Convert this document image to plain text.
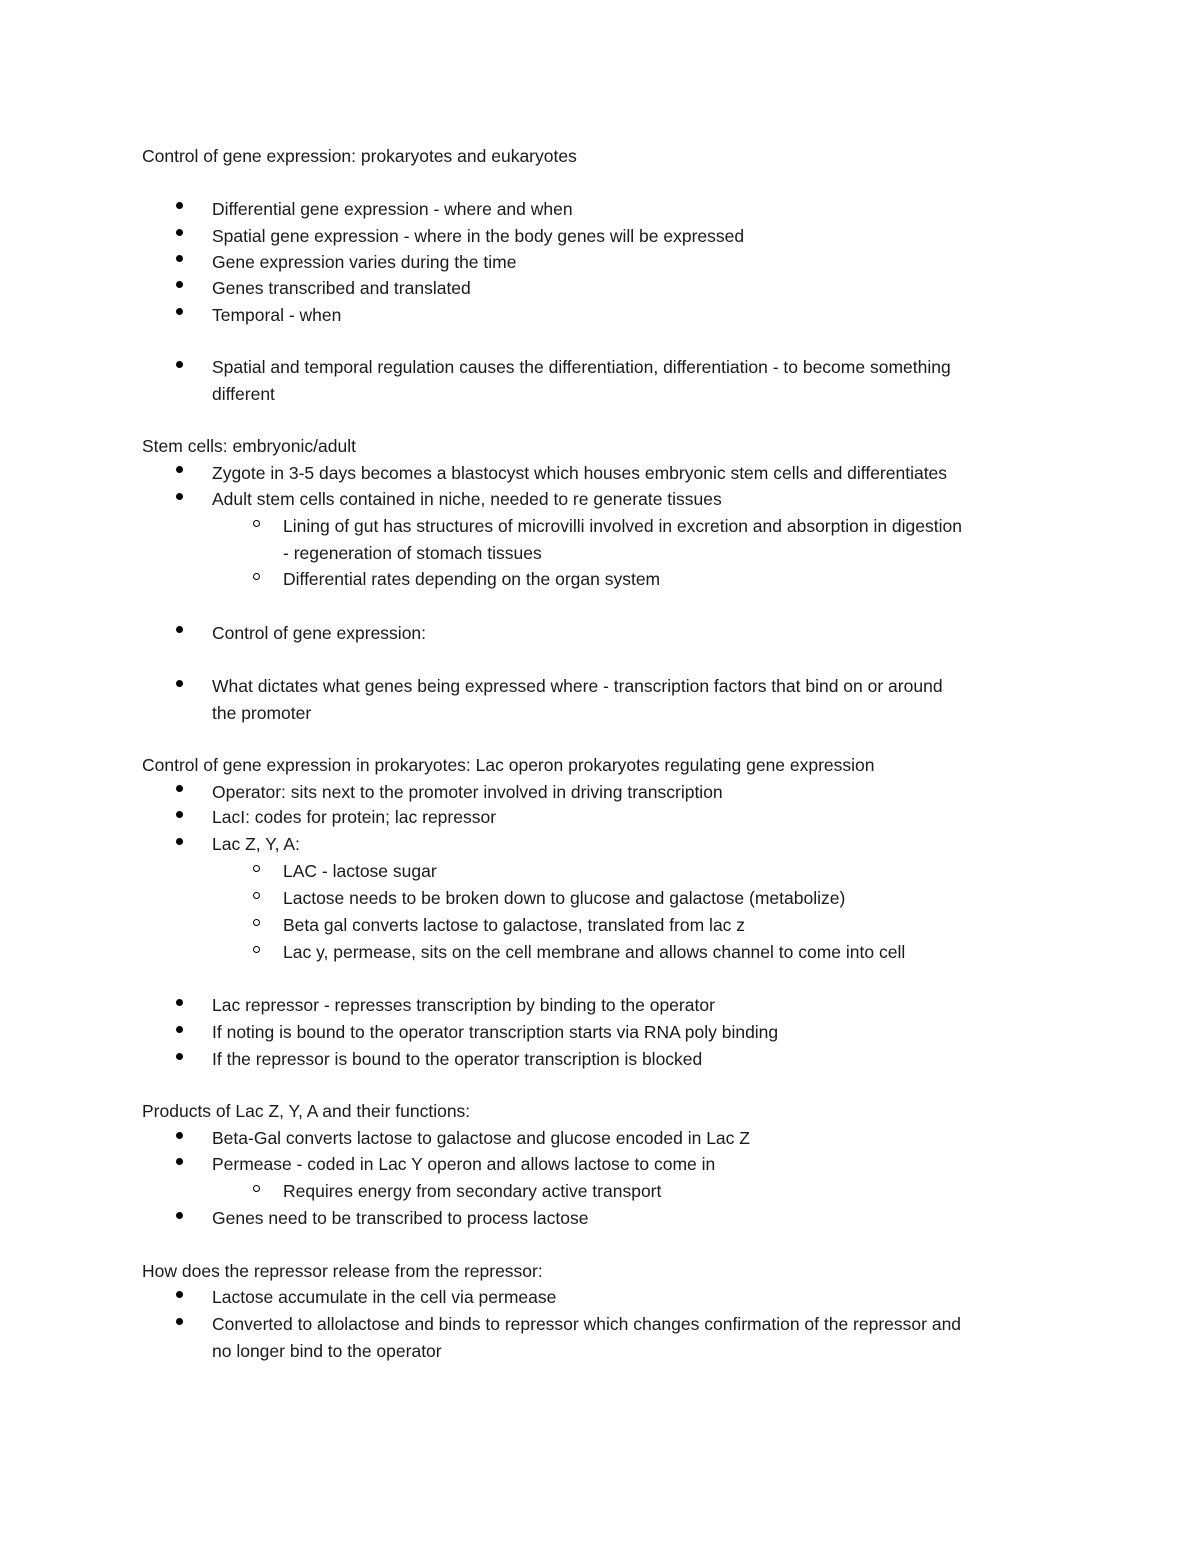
Control of gene expression: prokaryotes and eukaryotes
Differential gene expression - where and when
Spatial gene expression - where in the body genes will be expressed
Gene expression varies during the time
Genes transcribed and translated
Temporal - when
Spatial and temporal regulation causes the differentiation, differentiation - to become something
different
Stem cells: embryonic/adult
Zygote in 3-5 days becomes a blastocyst which houses embryonic stem cells and differentiates
Adult stem cells contained in niche, needed to re generate tissues
Lining of gut has structures of microvilli involved in excretion and absorption in digestion
- regeneration of stomach tissues
Differential rates depending on the organ system
Control of gene expression:
What dictates what genes being expressed where - transcription factors that bind on or around
the promoter
Control of gene expression in prokaryotes: Lac operon prokaryotes regulating gene expression
Operator: sits next to the promoter involved in driving transcription
LacI: codes for protein; lac repressor
Lac Z, Y, A:
LAC - lactose sugar
Lactose needs to be broken down to glucose and galactose (metabolize)
Beta gal converts lactose to galactose, translated from lac z
Lac y, permease, sits on the cell membrane and allows channel to come into cell
Lac repressor - represses transcription by binding to the operator
If noting is bound to the operator transcription starts via RNA poly binding
If the repressor is bound to the operator transcription is blocked
Products of Lac Z, Y, A and their functions:
Beta-Gal converts lactose to galactose and glucose encoded in Lac Z
Permease - coded in Lac Y operon and allows lactose to come in
Requires energy from secondary active transport
Genes need to be transcribed to process lactose
How does the repressor release from the repressor:
Lactose accumulate in the cell via permease
Converted to allolactose and binds to repressor which changes confirmation of the repressor and
no longer bind to the operator
